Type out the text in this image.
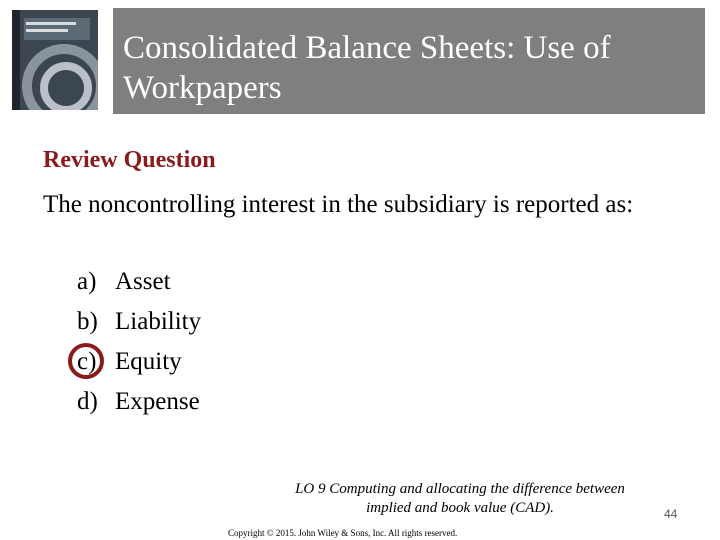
Consolidated Balance Sheets: Use of Workpapers
Review Question
The noncontrolling interest in the subsidiary is reported as:
a) Asset
b) Liability
c) Equity
d) Expense
LO 9 Computing and allocating the difference between
implied and book value (CAD).	44
Copyright © 2015. John Wiley & Sons, Inc. All rights reserved.
